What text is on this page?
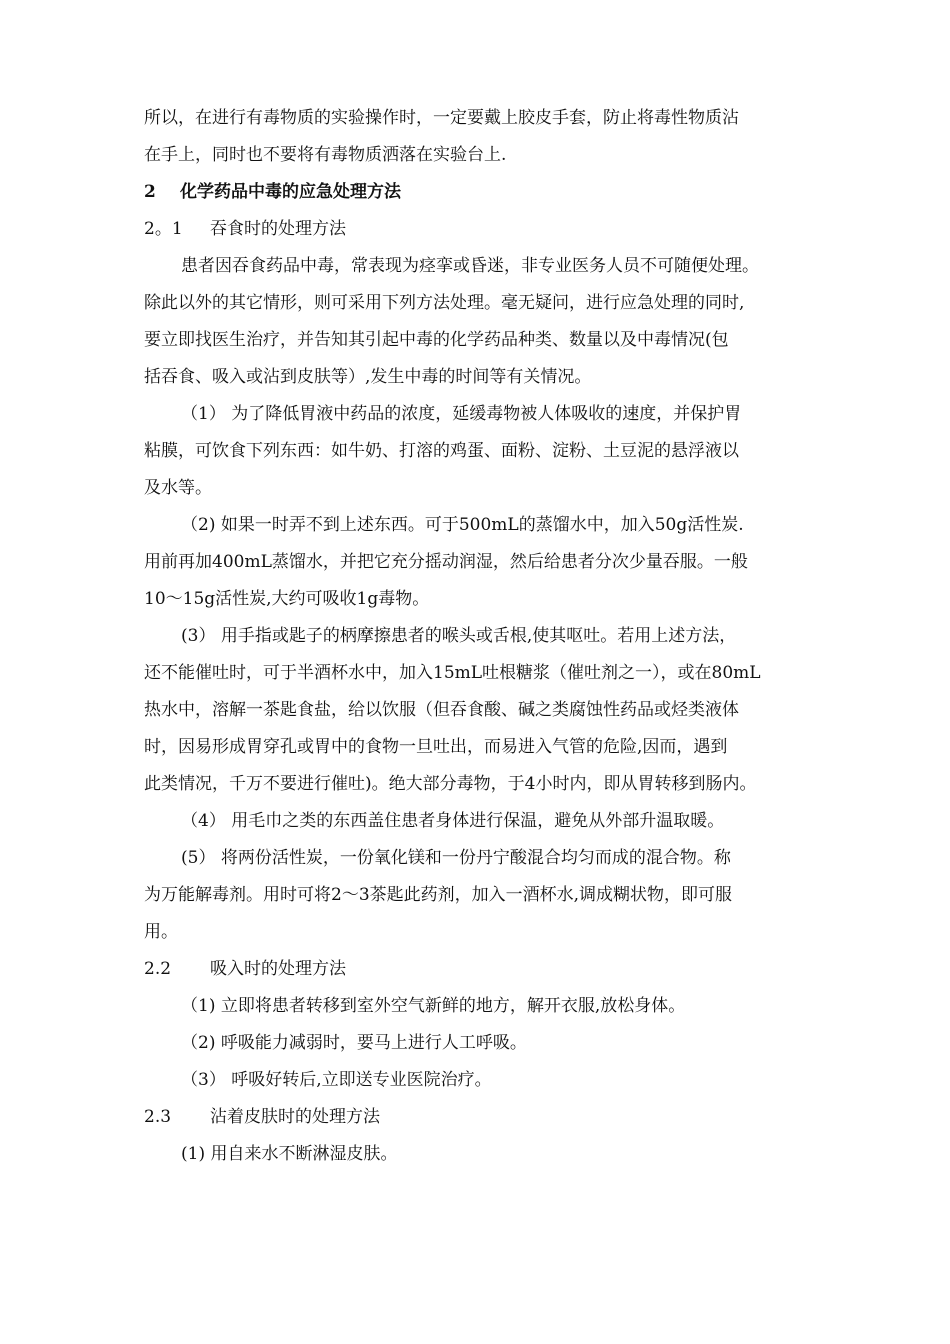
所以，在进行有毒物质的实验操作时，一定要戴上胶皮手套，防止将毒性物质沾
在手上，同时也不要将有毒物质洒落在实验台上.
2 化学药品中毒的应急处理方法
2。1 吞食时的处理方法
患者因吞食药品中毒，常表现为痉挛或昏迷，非专业医务人员不可随便处理。
除此以外的其它情形，则可采用下列方法处理。毫无疑问，进行应急处理的同时,
要立即找医生治疗，并告知其引起中毒的化学药品种类、数量以及中毒情况(包
括吞食、吸入或沾到皮肤等）,发生中毒的时间等有关情况。
（1） 为了降低胃液中药品的浓度，延缓毒物被人体吸收的速度，并保护胃
粘膜，可饮食下列东西：如牛奶、打溶的鸡蛋、面粉、淀粉、土豆泥的悬浮液以
及水等。
（2) 如果一时弄不到上述东西。可于500mL的蒸馏水中，加入50g活性炭.
用前再加400mL蒸馏水，并把它充分摇动润湿，然后给患者分次少量吞服。一般
10～15g活性炭,大约可吸收1g毒物。
(3） 用手指或匙子的柄摩擦患者的喉头或舌根,使其呕吐。若用上述方法，
还不能催吐时，可于半酒杯水中，加入15mL吐根糖浆（催吐剂之一），或在80mL
热水中，溶解一茶匙食盐，给以饮服（但吞食酸、碱之类腐蚀性药品或烃类液体
时，因易形成胃穿孔或胃中的食物一旦吐出，而易进入气管的危险,因而，遇到
此类情况，千万不要进行催吐)。绝大部分毒物，于4小时内，即从胃转移到肠内。
（4） 用毛巾之类的东西盖住患者身体进行保温，避免从外部升温取暖。
(5） 将两份活性炭，一份氧化镁和一份丹宁酸混合均匀而成的混合物。称
为万能解毒剂。用时可将2～3茶匙此药剂，加入一酒杯水,调成糊状物，即可服
用。
2.2 吸入时的处理方法
（1) 立即将患者转移到室外空气新鲜的地方，解开衣服,放松身体。
（2) 呼吸能力减弱时，要马上进行人工呼吸。
（3） 呼吸好转后,立即送专业医院治疗。
2.3 沾着皮肤时的处理方法
(1) 用自来水不断淋湿皮肤。
